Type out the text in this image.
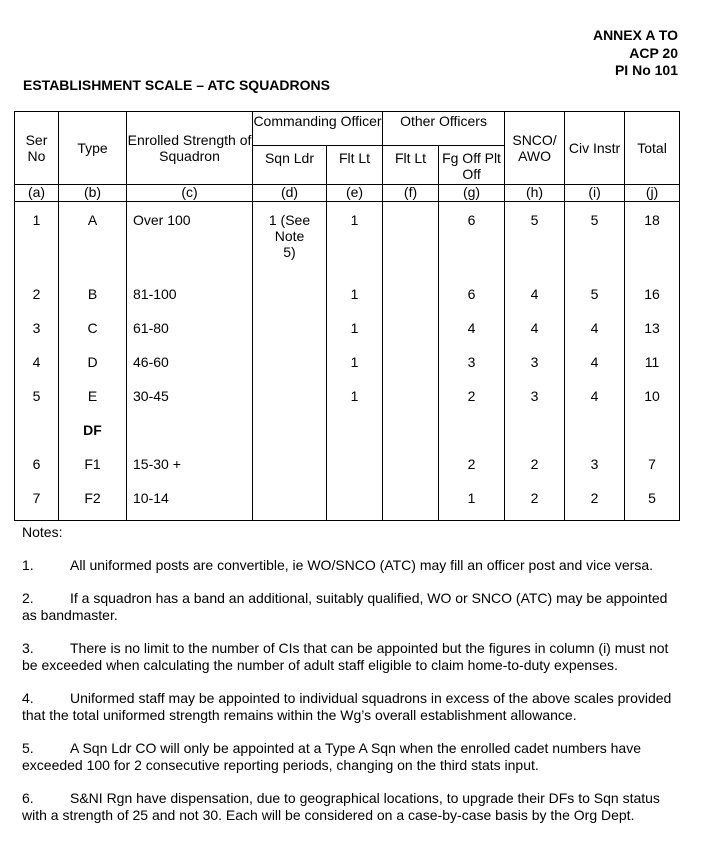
ANNEX A TO
ACP 20
PI No 101
ESTABLISHMENT SCALE – ATC SQUADRONS
Ser No	Type	Enrolled Strength of Squadron	Commanding Officer		Other Officers		SNCO/ AWO	Civ Instr	Total
			Sqn Ldr	Flt Lt	Flt Lt	Fg Off Plt Off			
(a)	(b)	(c)	(d)	(e)	(f)	(g)	(h)	(i)	(j)
1	A	Over 100	1 (See Note 5)	1		6	5	5	18
2	B	81-100		1		6	4	5	16
3	C	61-80		1		4	4	4	13
4	D	46-60		1		3	3	4	11
5	E	30-45		1		2	3	4	10
	DF								
6	F1	15-30 +				2	2	3	7
7	F2	10-14				1	2	2	5

Notes:

1.	All uniformed posts are convertible, ie WO/SNCO (ATC) may fill an officer post and vice versa.

2.	If a squadron has a band an additional, suitably qualified, WO or SNCO (ATC) may be appointed as bandmaster.

3.	There is no limit to the number of CIs that can be appointed but the figures in column (i) must not be exceeded when calculating the number of adult staff eligible to claim home-to-duty expenses.

4.	Uniformed staff may be appointed to individual squadrons in excess of the above scales provided that the total uniformed strength remains within the Wg’s overall establishment allowance.

5.	A Sqn Ldr CO will only be appointed at a Type A Sqn when the enrolled cadet numbers have exceeded 100 for 2 consecutive reporting periods, changing on the third stats input.

6.	S&NI Rgn have dispensation, due to geographical locations, to upgrade their DFs to Sqn status with a strength of 25 and not 30. Each will be considered on a case-by-case basis by the Org Dept.
